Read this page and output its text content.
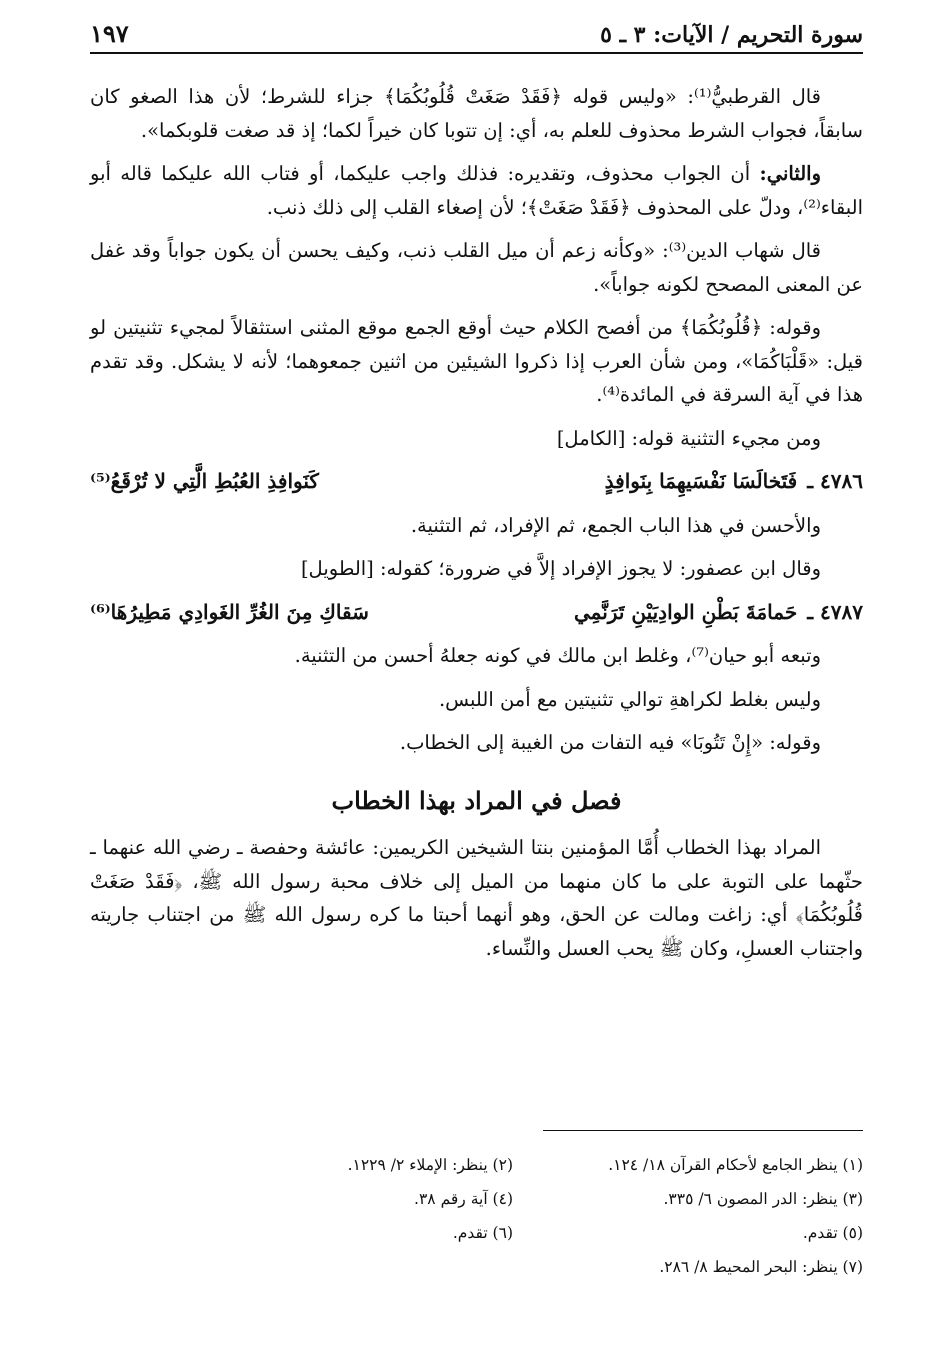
سورة التحريم / الآيات: ٣ ـ ٥
١٩٧

قال القرطبيُّ⁽¹⁾: «وليس قوله ﴿فَقَدْ صَغَتْ قُلُوبُكُمَا﴾ جزاء للشرط؛ لأن هذا الصغو كان سابقاً، فجواب الشرط محذوف للعلم به، أي: إن تتوبا كان خيراً لكما؛ إذ قد صغت قلوبكما».

والثاني: أن الجواب محذوف، وتقديره: فذلك واجب عليكما، أو فتاب الله عليكما قاله أبو البقاء⁽²⁾، ودلّ على المحذوف ﴿فَقَدْ صَغَتْ﴾؛ لأن إصغاء القلب إلى ذلك ذنب.

قال شهاب الدين⁽³⁾: «وكأنه زعم أن ميل القلب ذنب، وكيف يحسن أن يكون جواباً وقد غفل عن المعنى المصحح لكونه جواباً».

وقوله: ﴿قُلُوبُكُمَا﴾ من أفصح الكلام حيث أوقع الجمع موقع المثنى استثقالاً لمجيء تثنيتين لو قيل: «قَلْبَاكُمَا»، ومن شأن العرب إذا ذكروا الشيئين من اثنين جمعوهما؛ لأنه لا يشكل. وقد تقدم هذا في آية السرقة في المائدة⁽⁴⁾.

ومن مجيء التثنية قوله: [الكامل]

٤٧٨٦ ـ
فَتَخالَسَا نَفْسَيهِمَا بِنَوافِذٍ
كَنَوافِذِ العُبُطِ الَّتِي لا تُرْقَعُ⁽⁵⁾

والأحسن في هذا الباب الجمع، ثم الإفراد، ثم التثنية.

وقال ابن عصفور: لا يجوز الإفراد إلاَّ في ضرورة؛ كقوله: [الطويل]

٤٧٨٧ ـ
حَمامَةَ بَطْنِ الوادِيَيْنِ تَرَنَّمِي
سَقاكِ مِنَ الغُرِّ الغَوادِي مَطِيرُهَا⁽⁶⁾

وتبعه أبو حيان⁽⁷⁾، وغلط ابن مالك في كونه جعلهُ أحسن من التثنية.

وليس بغلط لكراهةِ توالي تثنيتين مع أمن اللبس.

وقوله: «إِنْ تَتُوبَا» فيه التفات من الغيبة إلى الخطاب.

فصل في المراد بهذا الخطاب

المراد بهذا الخطاب أُمَّا المؤمنين بنتا الشيخين الكريمين: عائشة وحفصة ـ رضي الله عنهما ـ حثّهما على التوبة على ما كان منهما من الميل إلى خلاف محبة رسول الله ﷺ، ﴿فَقَدْ صَغَتْ قُلُوبُكُمَا﴾ أي: زاغت ومالت عن الحق، وهو أنهما أحبتا ما كره رسول الله ﷺ من اجتناب جاريته واجتناب العسلِ، وكان ﷺ يحب العسل والنِّساء.

(١) ينظر الجامع لأحكام القرآن ١٨/ ١٢٤.
(٢) ينظر: الإملاء ٢/ ١٢٢٩.
(٣) ينظر: الدر المصون ٦/ ٣٣٥.
(٤) آية رقم ٣٨.
(٥) تقدم.
(٦) تقدم.
(٧) ينظر: البحر المحيط ٨/ ٢٨٦.
